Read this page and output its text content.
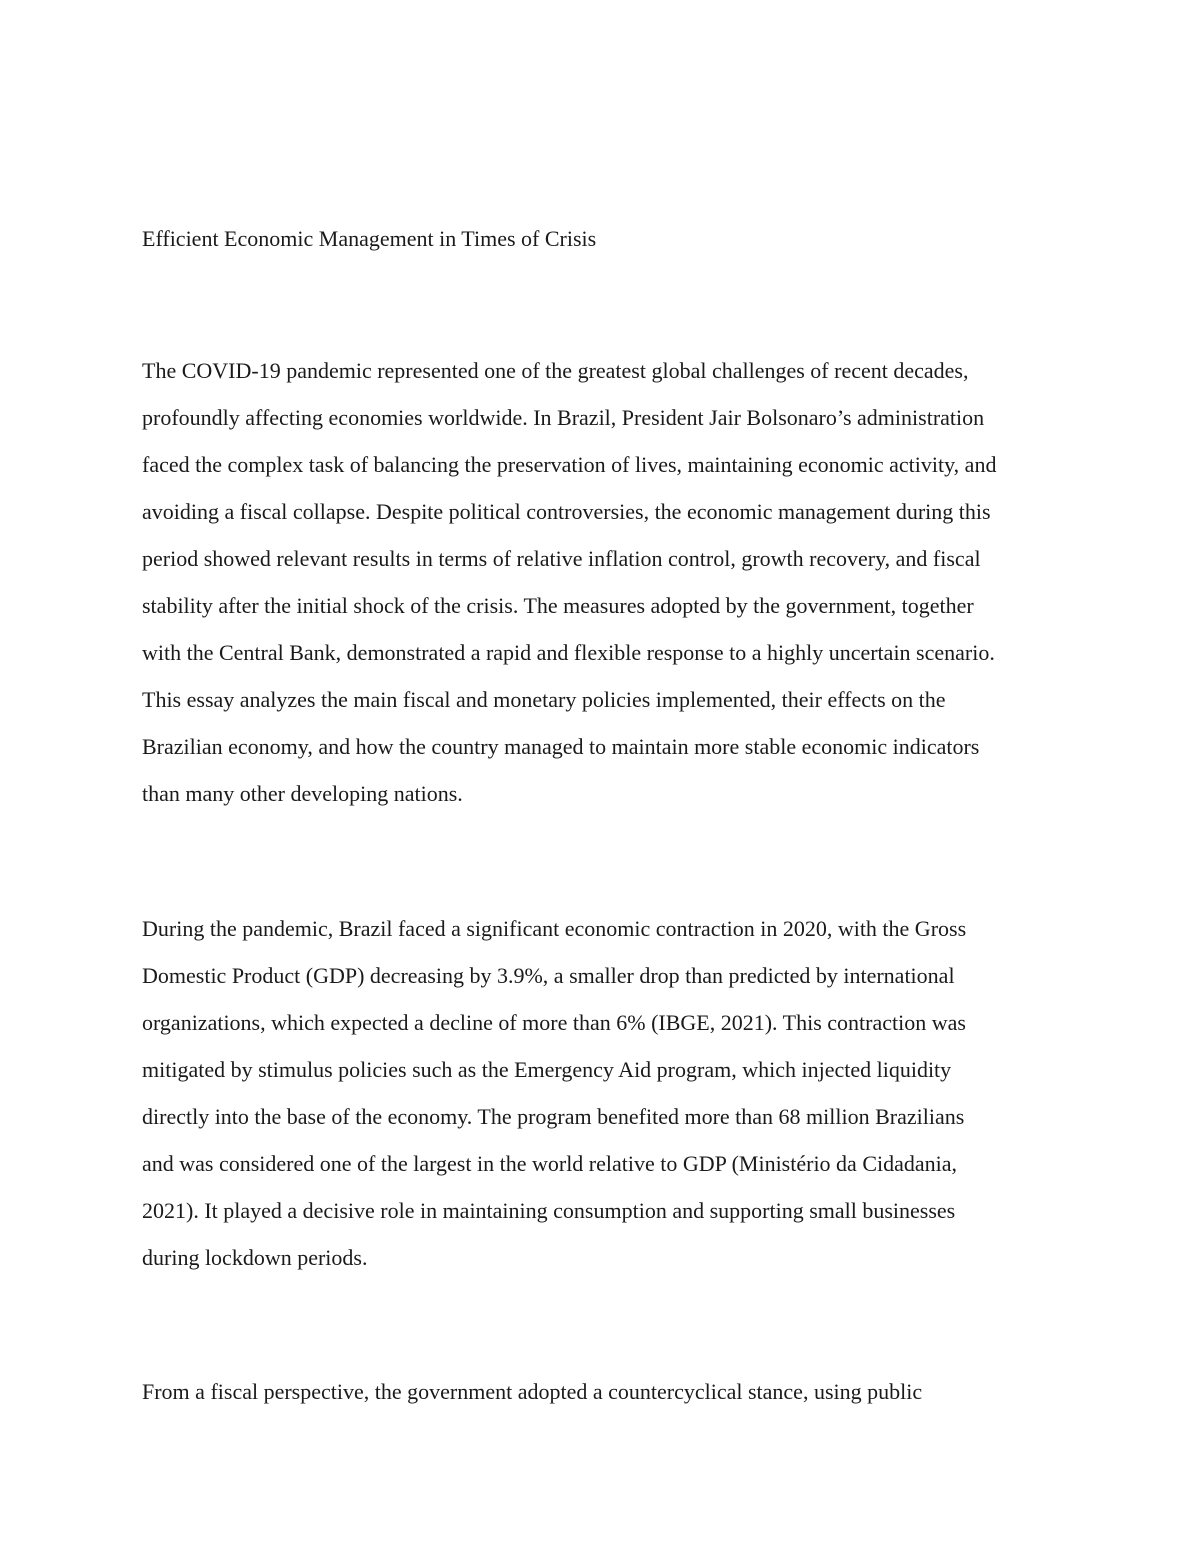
Efficient Economic Management in Times of Crisis
The COVID-19 pandemic represented one of the greatest global challenges of recent decades,
profoundly affecting economies worldwide. In Brazil, President Jair Bolsonaro’s administration
faced the complex task of balancing the preservation of lives, maintaining economic activity, and
avoiding a fiscal collapse. Despite political controversies, the economic management during this
period showed relevant results in terms of relative inflation control, growth recovery, and fiscal
stability after the initial shock of the crisis. The measures adopted by the government, together
with the Central Bank, demonstrated a rapid and flexible response to a highly uncertain scenario.
This essay analyzes the main fiscal and monetary policies implemented, their effects on the
Brazilian economy, and how the country managed to maintain more stable economic indicators
than many other developing nations.
During the pandemic, Brazil faced a significant economic contraction in 2020, with the Gross
Domestic Product (GDP) decreasing by 3.9%, a smaller drop than predicted by international
organizations, which expected a decline of more than 6% (IBGE, 2021). This contraction was
mitigated by stimulus policies such as the Emergency Aid program, which injected liquidity
directly into the base of the economy. The program benefited more than 68 million Brazilians
and was considered one of the largest in the world relative to GDP (Ministério da Cidadania,
2021). It played a decisive role in maintaining consumption and supporting small businesses
during lockdown periods.
From a fiscal perspective, the government adopted a countercyclical stance, using public
